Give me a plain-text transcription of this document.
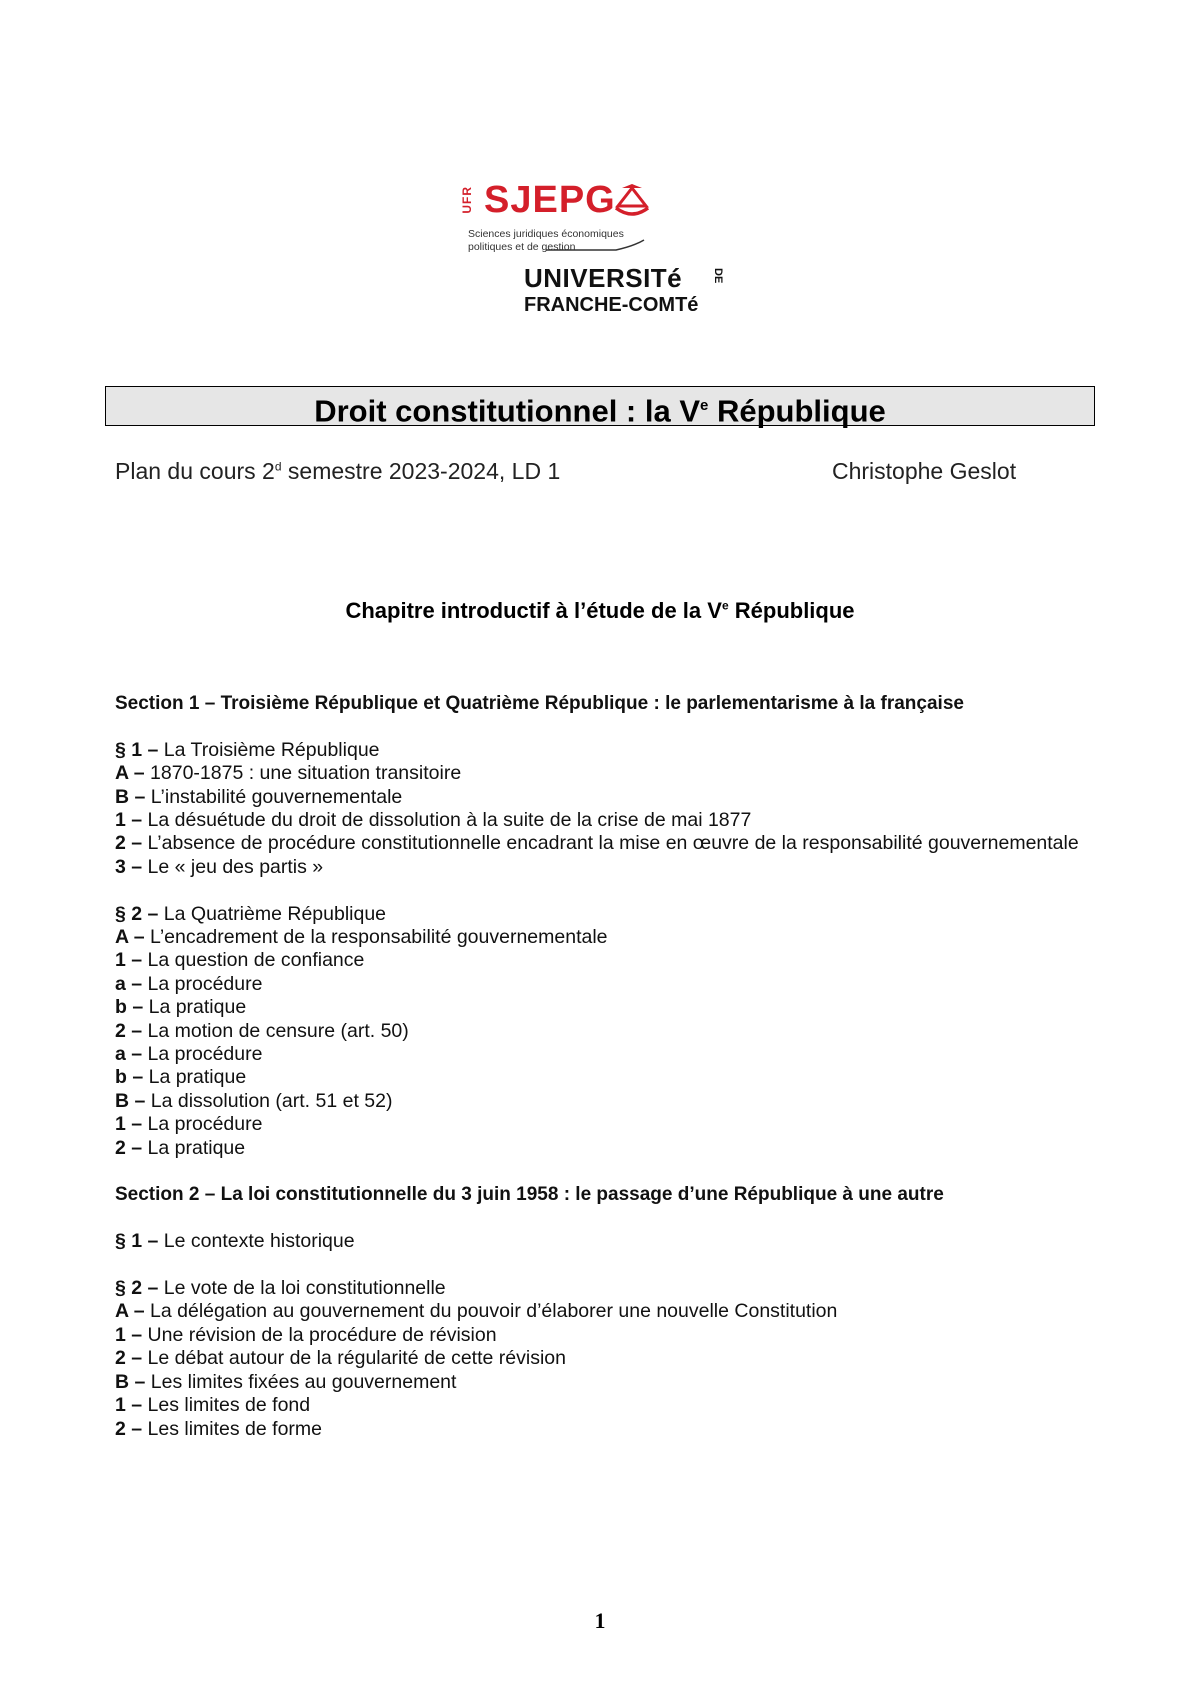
UFR SJEPG
Sciences juridiques économiques
politiques et de gestion
UNIVERSITé	DE
FRANCHE-COMTé
Droit constitutionnel : la Ve République
Plan du cours 2$^d$ semestre 2023-2024, LD 1	Christophe Geslot
Chapitre introductif à l’étude de la Ve République
Section 1 – Troisième République et Quatrième République : le parlementarisme à la française
§ 1 – La Troisième République
A – 1870-1875 : une situation transitoire
B – L’instabilité gouvernementale
1 – La désuétude du droit de dissolution à la suite de la crise de mai 1877
2 – L’absence de procédure constitutionnelle encadrant la mise en œuvre de la responsabilité gouvernementale
3 – Le « jeu des partis »
§ 2 – La Quatrième République
A – L’encadrement de la responsabilité gouvernementale
1 – La question de confiance
a – La procédure
b – La pratique
2 – La motion de censure (art. 50)
a – La procédure
b – La pratique
B – La dissolution (art. 51 et 52)
1 – La procédure
2 – La pratique
Section 2 – La loi constitutionnelle du 3 juin 1958 : le passage d’une République à une autre
§ 1 – Le contexte historique
§ 2 – Le vote de la loi constitutionnelle
A – La délégation au gouvernement du pouvoir d’élaborer une nouvelle Constitution
1 – Une révision de la procédure de révision
2 – Le débat autour de la régularité de cette révision
B – Les limites fixées au gouvernement
1 – Les limites de fond
2 – Les limites de forme
1
